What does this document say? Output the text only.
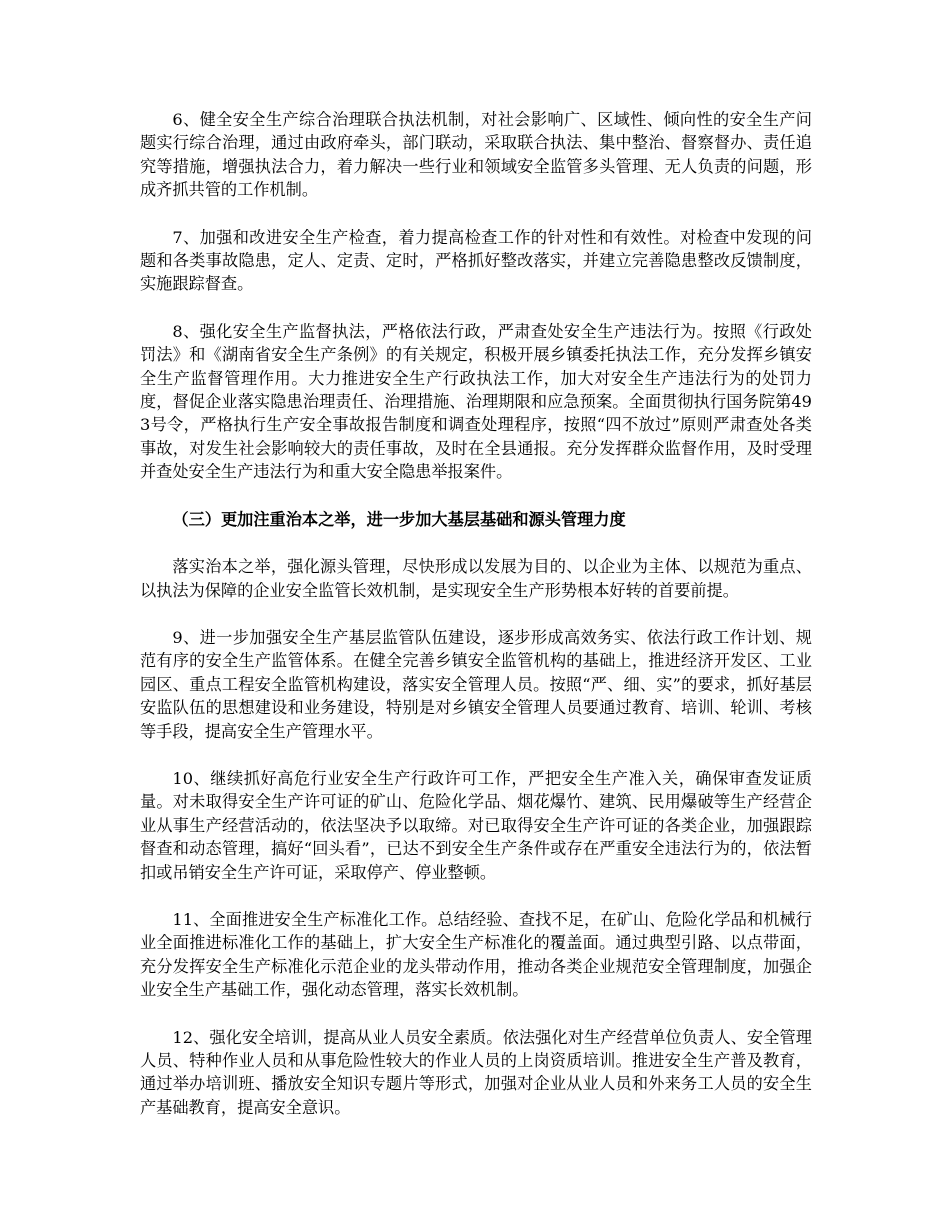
6、健全安全生产综合治理联合执法机制，对社会影响广、区域性、倾向性的安全生产问题实行综合治理，通过由政府牵头，部门联动，采取联合执法、集中整治、督察督办、责任追究等措施，增强执法合力，着力解决一些行业和领域安全监管多头管理、无人负责的问题，形成齐抓共管的工作机制。

7、加强和改进安全生产检查，着力提高检查工作的针对性和有效性。对检查中发现的问题和各类事故隐患，定人、定责、定时，严格抓好整改落实，并建立完善隐患整改反馈制度，实施跟踪督查。

8、强化安全生产监督执法，严格依法行政，严肃查处安全生产违法行为。按照《行政处罚法》和《湖南省安全生产条例》的有关规定，积极开展乡镇委托执法工作，充分发挥乡镇安全生产监督管理作用。大力推进安全生产行政执法工作，加大对安全生产违法行为的处罚力度，督促企业落实隐患治理责任、治理措施、治理期限和应急预案。全面贯彻执行国务院第493号令，严格执行生产安全事故报告制度和调查处理程序，按照“四不放过”原则严肃查处各类事故，对发生社会影响较大的责任事故，及时在全县通报。充分发挥群众监督作用，及时受理并查处安全生产违法行为和重大安全隐患举报案件。

（三）更加注重治本之举，进一步加大基层基础和源头管理力度

落实治本之举，强化源头管理，尽快形成以发展为目的、以企业为主体、以规范为重点、以执法为保障的企业安全监管长效机制，是实现安全生产形势根本好转的首要前提。

9、进一步加强安全生产基层监管队伍建设，逐步形成高效务实、依法行政工作计划、规范有序的安全生产监管体系。在健全完善乡镇安全监管机构的基础上，推进经济开发区、工业园区、重点工程安全监管机构建设，落实安全管理人员。按照“严、细、实”的要求，抓好基层安监队伍的思想建设和业务建设，特别是对乡镇安全管理人员要通过教育、培训、轮训、考核等手段，提高安全生产管理水平。

10、继续抓好高危行业安全生产行政许可工作，严把安全生产准入关，确保审查发证质量。对未取得安全生产许可证的矿山、危险化学品、烟花爆竹、建筑、民用爆破等生产经营企业从事生产经营活动的，依法坚决予以取缔。对已取得安全生产许可证的各类企业，加强跟踪督查和动态管理，搞好“回头看”，已达不到安全生产条件或存在严重安全违法行为的，依法暂扣或吊销安全生产许可证，采取停产、停业整顿。

11、全面推进安全生产标准化工作。总结经验、查找不足，在矿山、危险化学品和机械行业全面推进标准化工作的基础上，扩大安全生产标准化的覆盖面。通过典型引路、以点带面，充分发挥安全生产标准化示范企业的龙头带动作用，推动各类企业规范安全管理制度，加强企业安全生产基础工作，强化动态管理，落实长效机制。

12、强化安全培训，提高从业人员安全素质。依法强化对生产经营单位负责人、安全管理人员、特种作业人员和从事危险性较大的作业人员的上岗资质培训。推进安全生产普及教育，通过举办培训班、播放安全知识专题片等形式，加强对企业从业人员和外来务工人员的安全生产基础教育，提高安全意识。
